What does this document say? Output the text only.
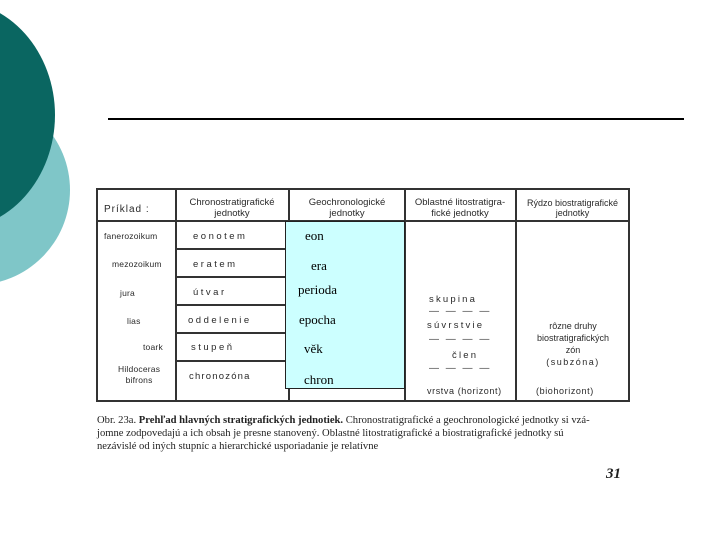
Príklad :
Chronostratigrafické
jednotky
Geochronologické
jednotky
Oblastné litostratigra-
fické jednotky
Rýdzo biostratigrafické
jednotky
fanerozoikum
mezozoikum
jura
lias
toark
Hildoceras
bifrons
eonotem
eratem
útvar
oddelenie
stupeň
chronozóna
skupina
— — — —
súvrstvie
— — — —
člen
— — — —
vrstva (horizont)
rôzne druhy
biostratigrafických
zón
(subzóna)
(biohorizont)
eon
era
perioda
epocha
věk
chron
Obr. 23a. Prehľad hlavných stratigrafických jednotiek. Chronostratigrafické a geochronologické jednotky si vzá-
jomne zodpovedajú a ich obsah je presne stanovený. Oblastné litostratigrafické a biostratigrafické jednotky sú
nezávislé od iných stupníc a hierarchické usporiadanie je relatívne
31
